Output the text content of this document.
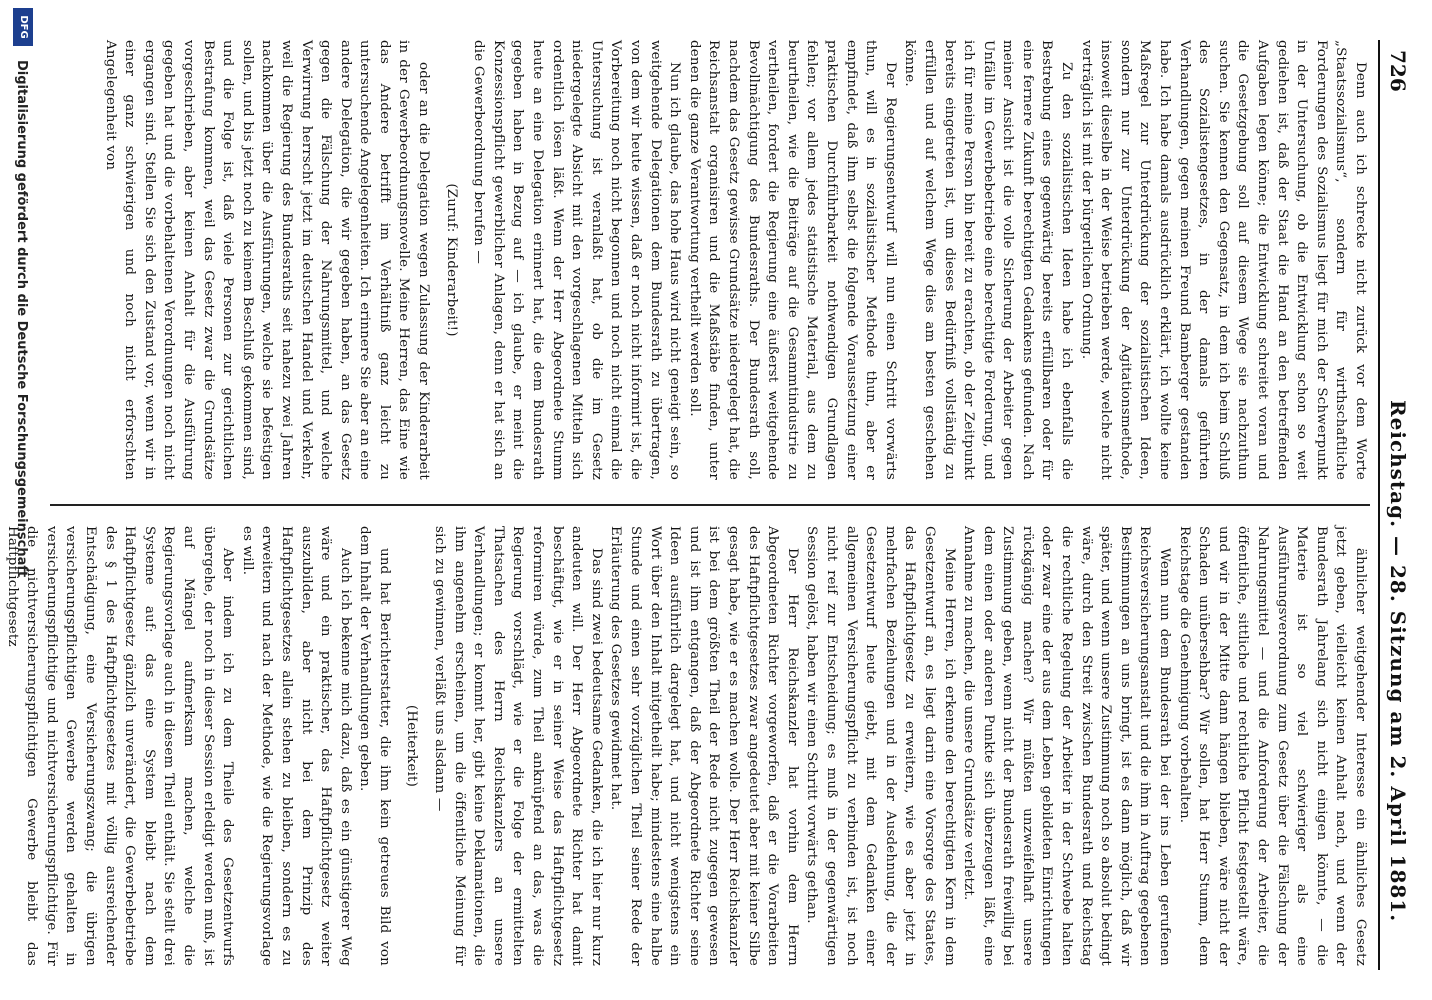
726
Reichstag. — 28. Sitzung am 2. April 1881.

Denn auch ich schrecke nicht zurück vor dem Worte „Staatssozialismus“, sondern für wirthschaftliche Forderungen des Sozialismus liegt für mich der Schwerpunkt in der Untersuchung, ob die Entwicklung schon so weit gediehen ist, daß der Staat die Hand an den betreffenden Aufgaben legen könne; die Entwicklung schreitet voran und die Gesetzgebung soll auf diesem Wege sie nachzuthun suchen. Sie kennen den Gegensatz, in dem ich beim Schluß des Sozialistengesetzes, in der damals geführten Verhandlungen, gegen meinen Freund Bamberger gestanden habe. Ich habe damals ausdrücklich erklärt, ich wollte keine Maßregel zur Unterdrückung der sozialistischen Ideen, sondern nur zur Unterdrückung der Agitationsmethode, insoweit dieselbe in der Weise betrieben werde, welche nicht verträglich ist mit der bürgerlichen Ordnung.

Zu den sozialistischen Ideen habe ich ebenfalls die Bestrebung eines gegenwärtig bereits erfüllbaren oder für eine fernere Zukunft berechtigten Gedankens gefunden. Nach meiner Ansicht ist die volle Sicherung der Arbeiter gegen Unfälle im Gewerbebetriebe eine berechtigte Forderung, und ich für meine Person bin bereit zu erachten, ob der Zeitpunkt bereits eingetreten ist, um dieses Bedürfniß vollständig zu erfüllen und auf welchem Wege dies am besten geschehen könne.

Der Regierungsentwurf will nun einen Schritt vorwärts thun, will es in sozialistischer Methode thun, aber er empfindet, daß ihm selbst die folgende Voraussetzung einer praktischen Durchführbarkeit nothwendigen Grundlagen fehlen; vor allem jedes statistische Material, aus dem zu beurtheilen, wie die Beiträge auf die Gesammtindustrie zu vertheilen, fordert die Regierung eine äußerst weitgehende Bevollmächtigung des Bundesraths. Der Bundesrath soll, nachdem das Gesetz gewisse Grundsätze niedergelegt hat, die Reichsanstalt organisiren und die Maßstäbe finden, unter denen die ganze Verantwortung vertheilt werden soll.

Nun ich glaube, das hohe Haus wird nicht geneigt sein, so weitgehende Delegationen dem Bundesrath zu übertragen, von dem wir heute wissen, daß er noch nicht informirt ist, die Vorbereitung noch nicht begonnen und noch nicht einmal die Untersuchung ist veranlaßt hat, ob die im Gesetz niedergelegte Absicht mit den vorgeschlagenen Mitteln sich ordentlich lösen läßt. Wenn der Herr Abgeordnete Stumm heute an eine Delegation erinnert hat, die dem Bundesrath gegeben haben in Bezug auf — ich glaube, er meint die Konzessionspflicht gewerblicher Anlagen, denn er hat sich an die Gewerbeordnung berufen —

(Zuruf: Kinderarbeit!)

oder an die Delegation wegen Zulassung der Kinderarbeit in der Gewerbeordnungsnovelle. Meine Herren, das Eine wie das Andere betrifft im Verhältniß ganz leicht zu untersuchende Angelegenheiten. Ich erinnere Sie aber an eine andere Delegation, die wir gegeben haben, an das Gesetz gegen die Fälschung der Nahrungsmittel, und welche Verwirrung herrscht jetzt im deutschen Handel und Verkehr, weil die Regierung des Bundesraths seit nahezu zwei Jahren nachkommen über die Ausführungen, welche sie befestigen sollen, und bis jetzt noch zu keinem Beschluß gekommen sind, und die Folge ist, daß viele Personen zur gerichtlichen Bestrafung kommen, weil das Gesetz zwar die Grundsätze vorgeschrieben, aber keinen Anhalt für die Ausführung gegeben hat und die vorbehaltenen Verordnungen noch nicht ergangen sind. Stellen Sie sich den Zustand vor, wenn wir in einer ganz schwierigen und noch nicht erforschten Angelegenheit von

ähnlicher weitgehender Interesse ein ähnliches Gesetz jetzt geben, vielleicht keinen Anhalt nach, und wenn der Bundesrath Jahrelang sich nicht einigen könnte, — die Materie ist so viel schwieriger als eine Ausführungsverordnung zum Gesetz über die Fälschung der Nahrungsmittel — und die Anforderung der Arbeiter, die öffentliche, sittliche und rechtliche Pflicht festgestellt wäre, und wir in der Mitte dann hängen blieben, wäre nicht der Schaden unübersehbar? Wir sollen, hat Herr Stumm, dem Reichstage die Genehmigung vorbehalten.

Wenn nun dem Bundesrath bei der ins Leben gerufenen Reichsversicherungsanstalt und die ihm in Auftrag gegebenen Bestimmungen an uns bringt, ist es dann möglich, daß wir später, und wenn unsere Zustimmung noch so absolut bedingt wäre, durch den Streit zwischen Bundesrath und Reichstag die rechtliche Regelung der Arbeiter in der Schwebe halten oder zwar eine der aus dem Leben gebildeten Einrichtungen rückgängig machen? Wir müßten unzweifelhaft unsere Zustimmung geben, wenn nicht der Bundesrath freiwillig bei dem einen oder anderen Punkte sich überzeugen läßt, eine Annahme zu machen, die unsere Grundsätze verletzt.

Meine Herren, ich erkenne den berechtigten Kern in dem Gesetzentwurf an, es liegt darin eine Vorsorge des Staates, das Haftpflichtgesetz zu erweitern, wie es aber jetzt in mehrfachen Beziehungen und in der Ausdehnung, die der Gesetzentwurf heute giebt, mit dem Gedanken einer allgemeinen Versicherungspflicht zu verbinden ist, ist noch nicht reif zur Entscheidung; es muß in der gegenwärtigen Session gelöst, haben wir einen Schritt vorwärts gethan.

Der Herr Reichskanzler hat vorhin dem Herrn Abgeordneten Richter vorgeworfen, daß er die Vorarbeiten des Haftpflichtgesetzes zwar angedeutet aber mit keiner Silbe gesagt habe, wie er es machen wolle. Der Herr Reichskanzler ist bei dem größten Theil der Rede nicht zugegen gewesen und ist ihm entgangen, daß der Abgeordnete Richter seine Ideen ausführlich dargelegt hat, und nicht wenigstens ein Wort über den Inhalt mitgetheilt habe; mindestens eine halbe Stunde und einen sehr vorzüglichen Theil seiner Rede der Erläuterung des Gesetzes gewidmet hat.

Das sind zwei bedeutsame Gedanken, die ich hier nur kurz andeuten will. Der Herr Abgeordnete Richter hat damit beschäftigt, wie er in seiner Weise das Haftpflichtgesetz reformiren würde, zum Theil anknüpfend an das, was die Regierung vorschlägt, wie er die Folge der ermittelten Thatsachen des Herrn Reichskanzlers an unsere Verhandlungen; er kommt her, gibt keine Deklamationen, die ihm angenehm erscheinen, um die öffentliche Meinung für sich zu gewinnen, verläßt uns alsdann —

(Heiterkeit)

und hat Berichterstatter, die ihm kein getreues Bild von dem Inhalt der Verhandlungen geben.

Auch ich bekenne mich dazu, daß es ein günstigerer Weg wäre und ein praktischer, das Haftpflichtgesetz weiter auszubilden, aber nicht bei dem Prinzip des Haftpflichtgesetzes allein stehen zu bleiben, sondern es zu erweitern und nach der Methode, wie die Regierungsvorlage es will.

Aber indem ich zu dem Theile des Gesetzentwurfs übergehe, der noch in dieser Session erledigt werden muß, ist auf Mängel aufmerksam machen, welche die Regierungsvorlage auch in diesem Theil enthält. Sie stellt drei Systeme auf: das eine System bleibt nach dem Haftpflichtgesetz gänzlich unverändert, die Gewerbebetriebe des § 1 des Haftpflichtgesetzes mit völlig ausreichender Entschädigung, eine Versicherungszwang; die übrigen versicherungspflichtigen Gewerbe werden gehalten in versicherungspflichtige und nichtversicherungspflichtige. Für die nichtversicherungspflichtigen Gewerbe bleibt das Haftpflichtgesetz

DFG
Digitalisierung gefördert durch die Deutsche Forschungsgemeinschaft
